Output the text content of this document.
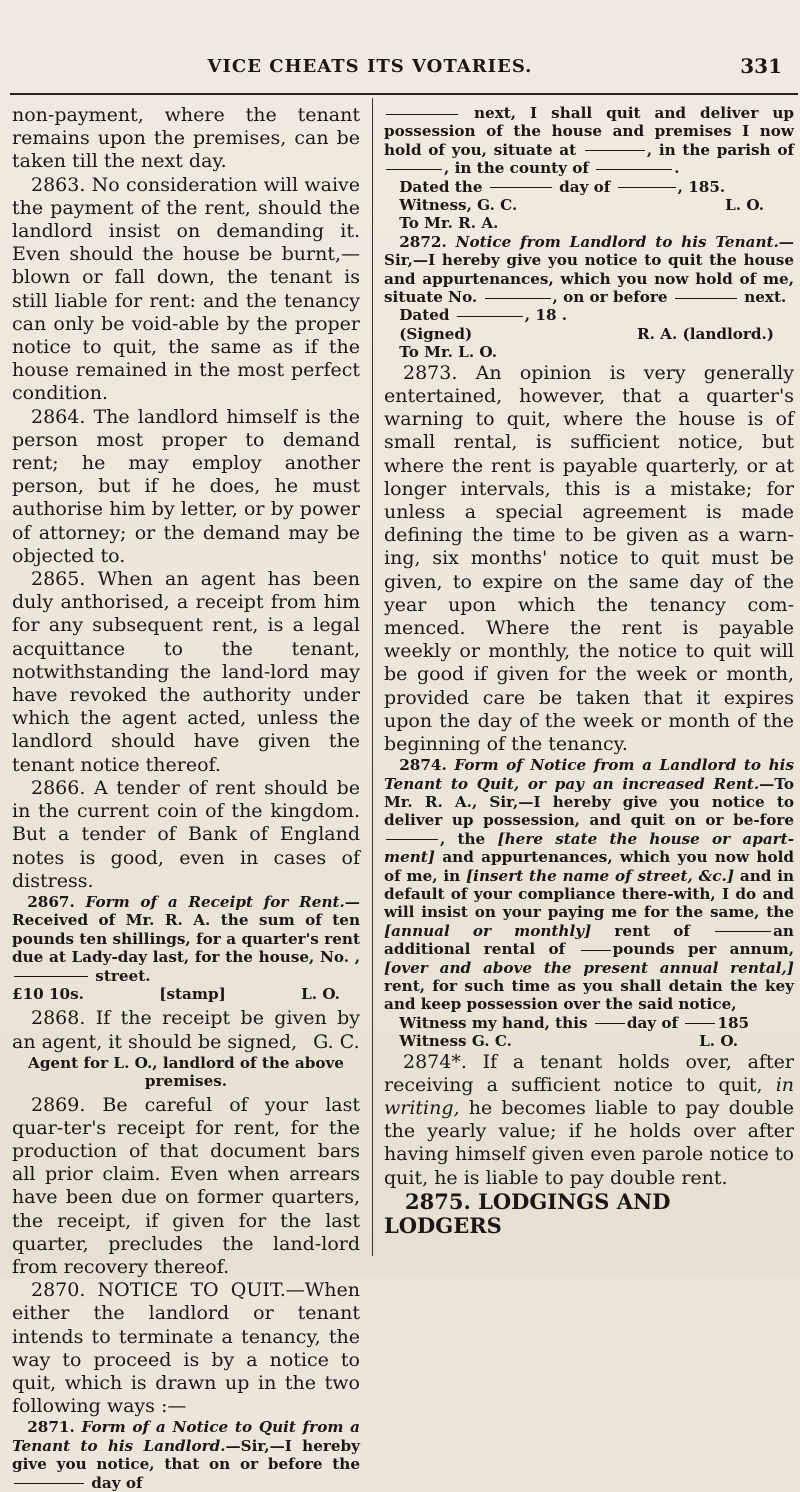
VICE CHEATS ITS VOTARIES.	331

non-payment, where the tenant remains upon the premises, can be taken till the next day.

2863. No consideration will waive the payment of the rent, should the landlord insist on demanding it. Even should the house be burnt,—blown or fall down, the tenant is still liable for rent: and the tenancy can only be void-able by the proper notice to quit, the same as if the house remained in the most perfect condition.

2864. The landlord himself is the person most proper to demand rent; he may employ another person, but if he does, he must authorise him by letter, or by power of attorney; or the demand may be objected to.

2865. When an agent has been duly anthorised, a receipt from him for any subsequent rent, is a legal acquittance to the tenant, notwithstanding the land-lord may have revoked the authority under which the agent acted, unless the landlord should have given the tenant notice thereof.

2866. A tender of rent should be in the current coin of the kingdom. But a tender of Bank of England notes is good, even in cases of distress.

2867. Form of a Receipt for Rent.—Received of Mr. R. A. the sum of ten pounds ten shillings, for a quarter's rent due at Lady-day last, for the house, No. ,  street.

£10 10s.	[stamp]	L. O.

2868. If the receipt be given by an agent, it should be signed, G. C.

Agent for L. O., landlord of the above premises.

2869. Be careful of your last quar-ter's receipt for rent, for the production of that document bars all prior claim. Even when arrears have been due on former quarters, the receipt, if given for the last quarter, precludes the land-lord from recovery thereof.

2870. NOTICE TO QUIT.—When either the landlord or tenant intends to terminate a tenancy, the way to proceed is by a notice to quit, which is drawn up in the two following ways :—

2871. Form of a Notice to Quit from a Tenant to his Landlord.—Sir,—I hereby give you notice, that on or before the  day of

next, I shall quit and deliver up possession of the house and premises I now hold of you, situate at	, in the parish of , in the county of	.

Dated the	day of	, 185.

Witness, G. C.	L. O.

To Mr. R. A.

2872. Notice from Landlord to his Tenant.—Sir,—I hereby give you notice to quit the house and appurtenances, which you now hold of me, situate No.	, on or before	next.

Dated	, 18 .

(Signed)	R. A. (landlord.)

To Mr. L. O.

2873. An opinion is very generally entertained, however, that a quarter's warning to quit, where the house is of small rental, is sufficient notice, but where the rent is payable quarterly, or at longer intervals, this is a mistake; for unless a special agreement is made defining the time to be given as a warn-ing, six months' notice to quit must be given, to expire on the same day of the year upon which the tenancy com-menced. Where the rent is payable weekly or monthly, the notice to quit will be good if given for the week or month, provided care be taken that it expires upon the day of the week or month of the beginning of the tenancy.

2874. Form of Notice from a Landlord to his Tenant to Quit, or pay an increased Rent.—To Mr. R. A., Sir,—I hereby give you notice to deliver up possession, and quit on or be-fore , the [here state the house or apart-ment] and appurtenances, which you now hold of me, in [insert the name of street, &c.] and in default of your compliance there-with, I do and will insist on your paying me for the same, the [annual or monthly] rent of	an additional rental of	pounds per annum, [over and above the present annual rental,] rent, for such time as you shall detain the key and keep possession over the said notice,

Witness my hand, this	day of	185

Witness G. C.	L. O.

2874*. If a tenant holds over, after receiving a sufficient notice to quit, in writing, he becomes liable to pay double the yearly value; if he holds over after having himself given even parole notice to quit, he is liable to pay double rent.

2875. LODGINGS AND LODGERS
